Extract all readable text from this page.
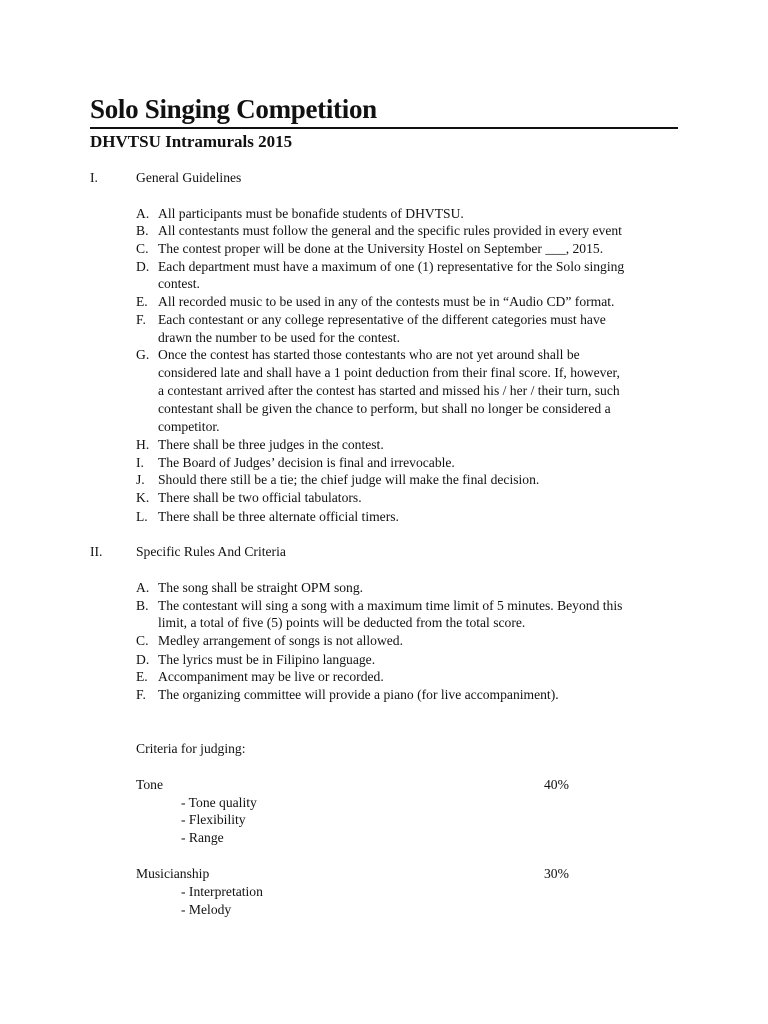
Solo Singing Competition
DHVTSU Intramurals 2015
I.	General Guidelines
A. All participants must be bonafide students of DHVTSU.
B. All contestants must follow the general and the specific rules provided in every event
C. The contest proper will be done at the University Hostel on September ___, 2015.
D. Each department must have a maximum of one (1) representative for the Solo singing
contest.
E. All recorded music to be used in any of the contests must be in “Audio CD” format.
F. Each contestant or any college representative of the different categories must have
drawn the number to be used for the contest.
G. Once the contest has started those contestants who are not yet around shall be
considered late and shall have a 1 point deduction from their final score. If, however,
a contestant arrived after the contest has started and missed his / her / their turn, such
contestant shall be given the chance to perform, but shall no longer be considered a
competitor.
H. There shall be three judges in the contest.
I. The Board of Judges’ decision is final and irrevocable.
J. Should there still be a tie; the chief judge will make the final decision.
K. There shall be two official tabulators.
L. There shall be three alternate official timers.
II. Specific Rules And Criteria
A. The song shall be straight OPM song.
B. The contestant will sing a song with a maximum time limit of 5 minutes. Beyond this
limit, a total of five (5) points will be deducted from the total score.
C. Medley arrangement of songs is not allowed.
D. The lyrics must be in Filipino language.
E. Accompaniment may be live or recorded.
F. The organizing committee will provide a piano (for live accompaniment).
Criteria for judging:
Tone	40%
- Tone quality
- Flexibility
- Range
Musicianship	30%
- Interpretation
- Melody
